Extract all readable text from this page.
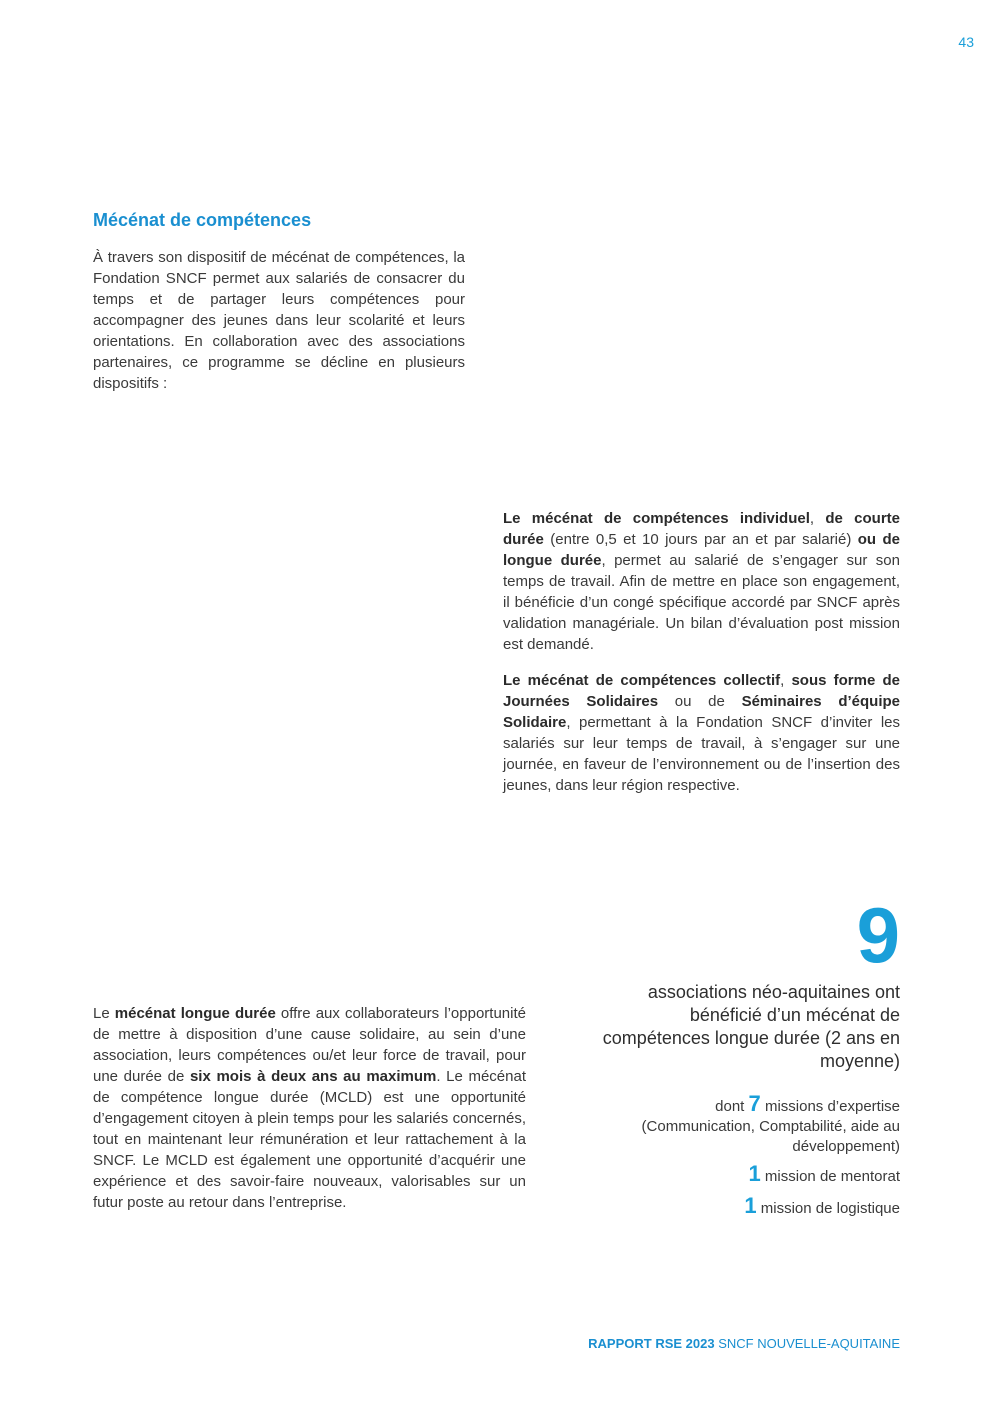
43
Mécénat de compétences

À travers son dispositif de mécénat de compétences, la Fondation SNCF permet aux salariés de consacrer du temps et de partager leurs compétences pour accompagner des jeunes dans leur scolarité et leurs orientations. En collaboration avec des associations partenaires, ce programme se décline en plusieurs dispositifs :

Le mécénat de compétences individuel, de courte durée (entre 0,5 et 10 jours par an et par salarié) ou de longue durée, permet au salarié de s’engager sur son temps de travail. Afin de mettre en place son engagement, il bénéficie d’un congé spécifique accordé par SNCF après validation managériale. Un bilan d’évaluation post mission est demandé.

Le mécénat de compétences collectif, sous forme de Journées Solidaires ou de Séminaires d’équipe Solidaire, permettant à la Fondation SNCF d’inviter les salariés sur leur temps de travail, à s’engager sur une journée, en faveur de l’environnement ou de l’insertion des jeunes, dans leur région respective.

Le mécénat longue durée offre aux collaborateurs l’opportunité de mettre à disposition d’une cause solidaire, au sein d’une association, leurs compétences ou/et leur force de travail, pour une durée de six mois à deux ans au maximum. Le mécénat de compétence longue durée (MCLD) est une opportunité d’engagement citoyen à plein temps pour les salariés concernés, tout en maintenant leur rémunération et leur rattachement à la SNCF. Le MCLD est également une opportunité d’acquérir une expérience et des savoir-faire nouveaux, valorisables sur un futur poste au retour dans l’entreprise.

9
associations néo-aquitaines ont bénéficié d’un mécénat de compétences longue durée (2 ans en moyenne)
dont 7 missions d’expertise (Communication, Comptabilité, aide au développement)
1 mission de mentorat
1 mission de logistique
RAPPORT RSE 2023 SNCF NOUVELLE-AQUITAINE
